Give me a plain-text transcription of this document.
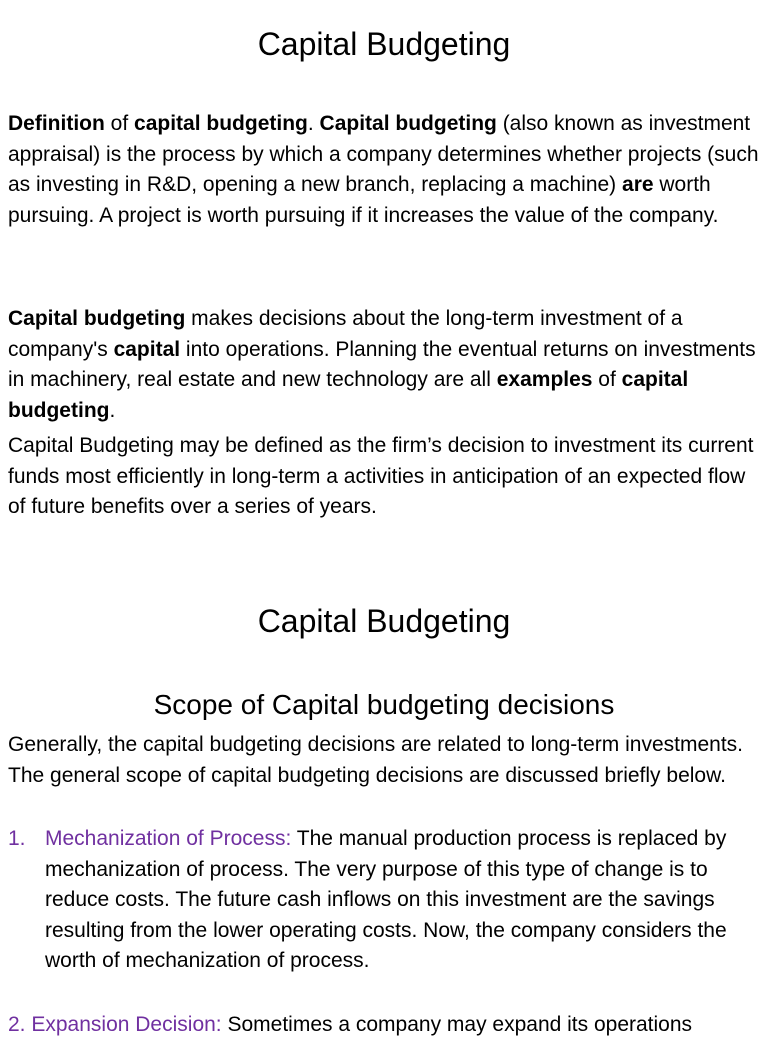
Capital Budgeting

Definition of capital budgeting. Capital budgeting (also known as investment appraisal) is the process by which a company determines whether projects (such as investing in R&D, opening a new branch, replacing a machine) are worth pursuing. A project is worth pursuing if it increases the value of the company.

Capital budgeting makes decisions about the long-term investment of a company's capital into operations. Planning the eventual returns on investments in machinery, real estate and new technology are all examples of capital budgeting.

Capital Budgeting may be defined as the firm’s decision to investment its current funds most efficiently in long-term a activities in anticipation of an expected flow of future benefits over a series of years.

Capital Budgeting
Scope of Capital budgeting decisions

Generally, the capital budgeting decisions are related to long-term investments. The general scope of capital budgeting decisions are discussed briefly below.

1. Mechanization of Process: The manual production process is replaced by mechanization of process. The very purpose of this type of change is to reduce costs. The future cash inflows on this investment are the savings resulting from the lower operating costs. Now, the company considers the worth of mechanization of process.
2. Expansion Decision: Sometimes a company may expand its operations
